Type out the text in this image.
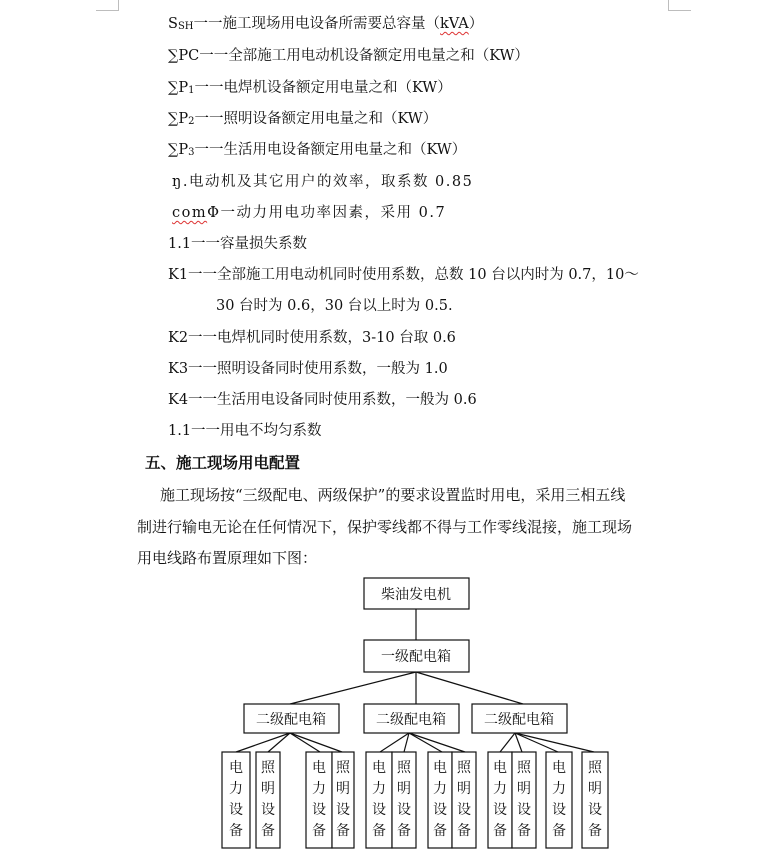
SSH一一施工现场用电设备所需要总容量（kVA）
∑PC一一全部施工用电动机设备额定用电量之和（KW）
∑P1一一电焊机设备额定用电量之和（KW）
∑P2一一照明设备额定用电量之和（KW）
∑P3一一生活用电设备额定用电量之和（KW）
ŋ.电动机及其它用户的效率，取系数 0.85
comΦ一动力用电功率因素，采用 0.7
1.1一一容量损失系数
K1一一全部施工用电动机同时使用系数，总数 10 台以内时为 0.7，10～
30 台时为 0.6，30 台以上时为 0.5.
K2一一电焊机同时使用系数，3-10 台取 0.6
K3一一照明设备同时使用系数，一般为 1.0
K4一一生活用电设备同时使用系数，一般为 0.6
1.1一一用电不均匀系数
五、施工现场用电配置
施工现场按“三级配电、两级保护”的要求设置监时用电，采用三相五线
制进行输电无论在任何情况下，保护零线都不得与工作零线混接，施工现场
用电线路布置原理如下图：
柴油发电机
一级配电箱
二级配电箱	二级配电箱	二级配电箱
电力设备
照明设备
电力设备
照明设备
电力设备
照明设备
电力设备
照明设备
电力设备
照明设备
电力设备
照明设备
